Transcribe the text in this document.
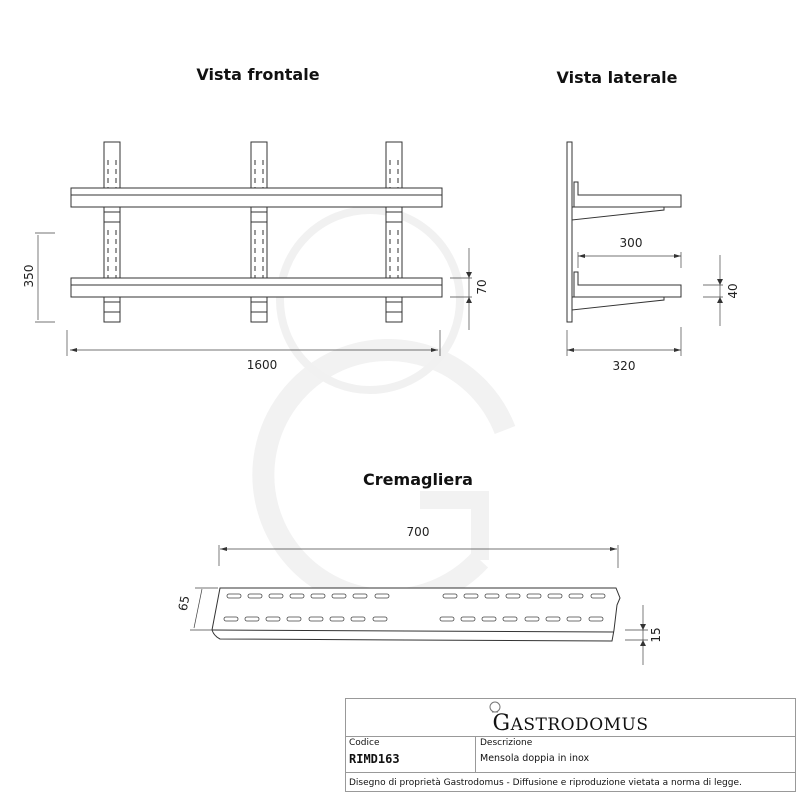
Vista frontale
350	70
1600
Vista laterale
300
320
40
Cremagliera
700
65
15
GASTRODOMUS
Codice
RIMD163
Descrizione
Mensola doppia in inox
Disegno di proprietà Gastrodomus - Diffusione e riproduzione vietata a norma di legge.
